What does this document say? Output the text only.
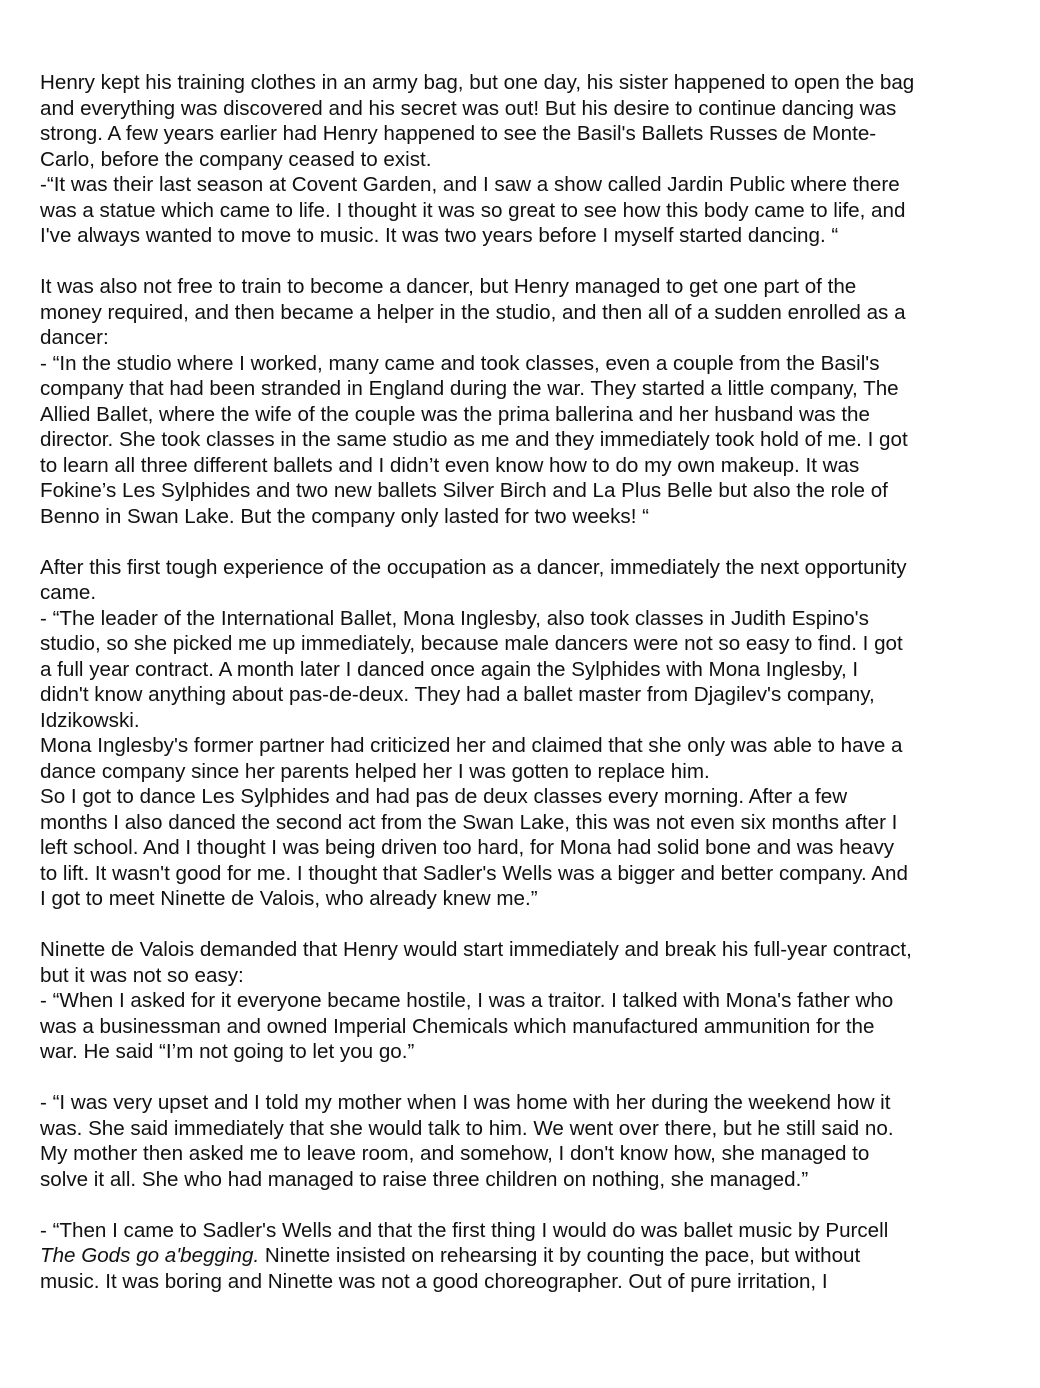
Henry kept his training clothes in an army bag, but one day, his sister happened to open the bag
and everything was discovered and his secret was out! But his desire to continue dancing was
strong. A few years earlier had Henry happened to see the Basil's Ballets Russes de Monte-
Carlo, before the company ceased to exist.
-“It was their last season at Covent Garden, and I saw a show called Jardin Public where there
was a statue which came to life. I thought it was so great to see how this body came to life, and
I've always wanted to move to music. It was two years before I myself started dancing. “
It was also not free to train to become a dancer, but Henry managed to get one part of the
money required, and then became a helper in the studio, and then all of a sudden enrolled as a
dancer:
- “In the studio where I worked, many came and took classes, even a couple from the Basil's
company that had been stranded in England during the war. They started a little company, The
Allied Ballet, where the wife of the couple was the prima ballerina and her husband was the
director. She took classes in the same studio as me and they immediately took hold of me. I got
to learn all three different ballets and I didn’t even know how to do my own makeup. It was
Fokine’s Les Sylphides and two new ballets Silver Birch and La Plus Belle but also the role of
Benno in Swan Lake. But the company only lasted for two weeks! “
After this first tough experience of the occupation as a dancer, immediately the next opportunity
came.
- “The leader of the International Ballet, Mona Inglesby, also took classes in Judith Espino's
studio, so she picked me up immediately, because male dancers were not so easy to find. I got
a full year contract. A month later I danced once again the Sylphides with Mona Inglesby, I
didn't know anything about pas-de-deux. They had a ballet master from Djagilev's company,
Idzikowski.
Mona Inglesby's former partner had criticized her and claimed that she only was able to have a
dance company since her parents helped her I was gotten to replace him.
So I got to dance Les Sylphides and had pas de deux classes every morning. After a few
months I also danced the second act from the Swan Lake, this was not even six months after I
left school. And I thought I was being driven too hard, for Mona had solid bone and was heavy
to lift. It wasn't good for me. I thought that Sadler's Wells was a bigger and better company. And
I got to meet Ninette de Valois, who already knew me.”
Ninette de Valois demanded that Henry would start immediately and break his full-year contract,
but it was not so easy:
- “When I asked for it everyone became hostile, I was a traitor. I talked with Mona's father who
was a businessman and owned Imperial Chemicals which manufactured ammunition for the
war. He said “I’m not going to let you go.”
- “I was very upset and I told my mother when I was home with her during the weekend how it
was. She said immediately that she would talk to him. We went over there, but he still said no.
My mother then asked me to leave room, and somehow, I don't know how, she managed to
solve it all. She who had managed to raise three children on nothing, she managed.”
- “Then I came to Sadler's Wells and that the first thing I would do was ballet music by Purcell
The Gods go a'begging. Ninette insisted on rehearsing it by counting the pace, but without
music. It was boring and Ninette was not a good choreographer. Out of pure irritation, I
